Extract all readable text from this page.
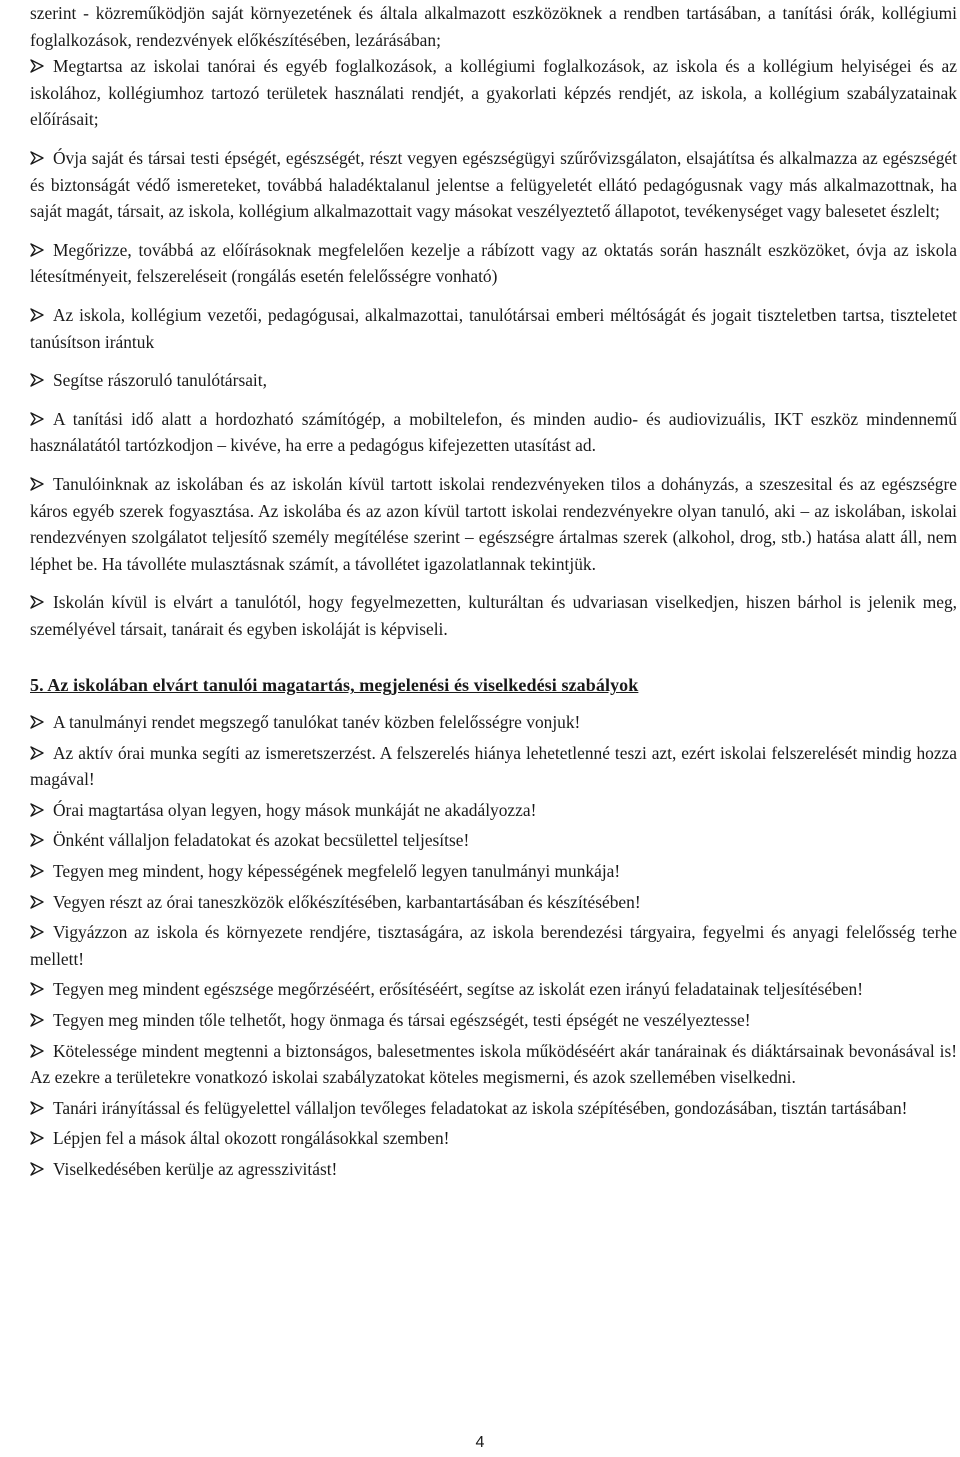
szerint - közreműködjön saját környezetének és általa alkalmazott eszközöknek a rendben tartásában, a tanítási órák, kollégiumi foglalkozások, rendezvények előkészítésében, lezárásában;

Megtartsa az iskolai tanórai és egyéb foglalkozások, a kollégiumi foglalkozások, az iskola és a kollégium helyiségei és az iskolához, kollégiumhoz tartozó területek használati rendjét, a gyakorlati képzés rendjét, az iskola, a kollégium szabályzatainak előírásait;

Óvja saját és társai testi épségét, egészségét, részt vegyen egészségügyi szűrővizsgálaton, elsajátítsa és alkalmazza az egészségét és biztonságát védő ismereteket, továbbá haladéktalanul jelentse a felügyeletét ellátó pedagógusnak vagy más alkalmazottnak, ha saját magát, társait, az iskola, kollégium alkalmazottait vagy másokat veszélyeztető állapotot, tevékenységet vagy balesetet észlelt;

Megőrizze, továbbá az előírásoknak megfelelően kezelje a rábízott vagy az oktatás során használt eszközöket, óvja az iskola létesítményeit, felszereléseit (rongálás esetén felelősségre vonható)

Az iskola, kollégium vezetői, pedagógusai, alkalmazottai, tanulótársai emberi méltóságát és jogait tiszteletben tartsa, tiszteletet tanúsítson irántuk

Segítse rászoruló tanulótársait,

A tanítási idő alatt a hordozható számítógép, a mobiltelefon, és minden audio- és audiovizuális, IKT eszköz mindennemű használatától tartózkodjon – kivéve, ha erre a pedagógus kifejezetten utasítást ad.

Tanulóinknak az iskolában és az iskolán kívül tartott iskolai rendezvényeken tilos a dohányzás, a szeszesital és az egészségre káros egyéb szerek fogyasztása. Az iskolába és az azon kívül tartott iskolai rendezvényekre olyan tanuló, aki – az iskolában, iskolai rendezvényen szolgálatot teljesítő személy megítélése szerint – egészségre ártalmas szerek (alkohol, drog, stb.) hatása alatt áll, nem léphet be. Ha távolléte mulasztásnak számít, a távollétet igazolatlannak tekintjük.

Iskolán kívül is elvárt a tanulótól, hogy fegyelmezetten, kulturáltan és udvariasan viselkedjen, hiszen bárhol is jelenik meg, személyével társait, tanárait és egyben iskoláját is képviseli.

5. Az iskolában elvárt tanulói magatartás, megjelenési és viselkedési szabályok

A tanulmányi rendet megszegő tanulókat tanév közben felelősségre vonjuk!

Az aktív órai munka segíti az ismeretszerzést. A felszerelés hiánya lehetetlenné teszi azt, ezért iskolai felszerelését mindig hozza magával!

Órai magtartása olyan legyen, hogy mások munkáját ne akadályozza!

Önként vállaljon feladatokat és azokat becsülettel teljesítse!

Tegyen meg mindent, hogy képességének megfelelő legyen tanulmányi munkája!

Vegyen részt az órai taneszközök előkészítésében, karbantartásában és készítésében!

Vigyázzon az iskola és környezete rendjére, tisztaságára, az iskola berendezési tárgyaira, fegyelmi és anyagi felelősség terhe mellett!

Tegyen meg mindent egészsége megőrzéséért, erősítéséért, segítse az iskolát ezen irányú feladatainak teljesítésében!

Tegyen meg minden tőle telhetőt, hogy önmaga és társai egészségét, testi épségét ne veszélyeztesse!

Kötelessége mindent megtenni a biztonságos, balesetmentes iskola működéséért akár tanárainak és diáktársainak bevonásával is! Az ezekre a területekre vonatkozó iskolai szabályzatokat köteles megismerni, és azok szellemében viselkedni.

Tanári irányítással és felügyelettel vállaljon tevőleges feladatokat az iskola szépítésében, gondozásában, tisztán tartásában!

Lépjen fel a mások által okozott rongálásokkal szemben!

Viselkedésében kerülje az agresszivitást!

4
